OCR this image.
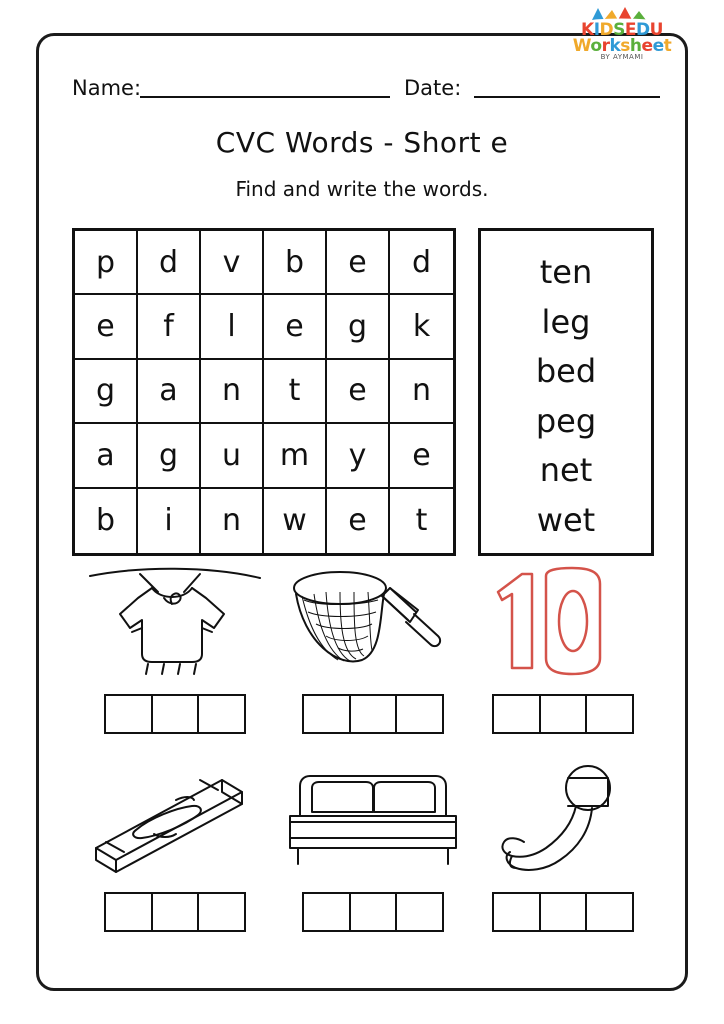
KIDSEDU
Worksheet
BY AYMAMI
Name:	Date:
CVC Words - Short e
Find and write the words.
p	d	v	b	e	d
e	f	l	e	g	k
g	a	n	t	e	n
a	g	u	m	y	e
b	i	n	w	e	t
ten
leg
bed
peg
net
wet
